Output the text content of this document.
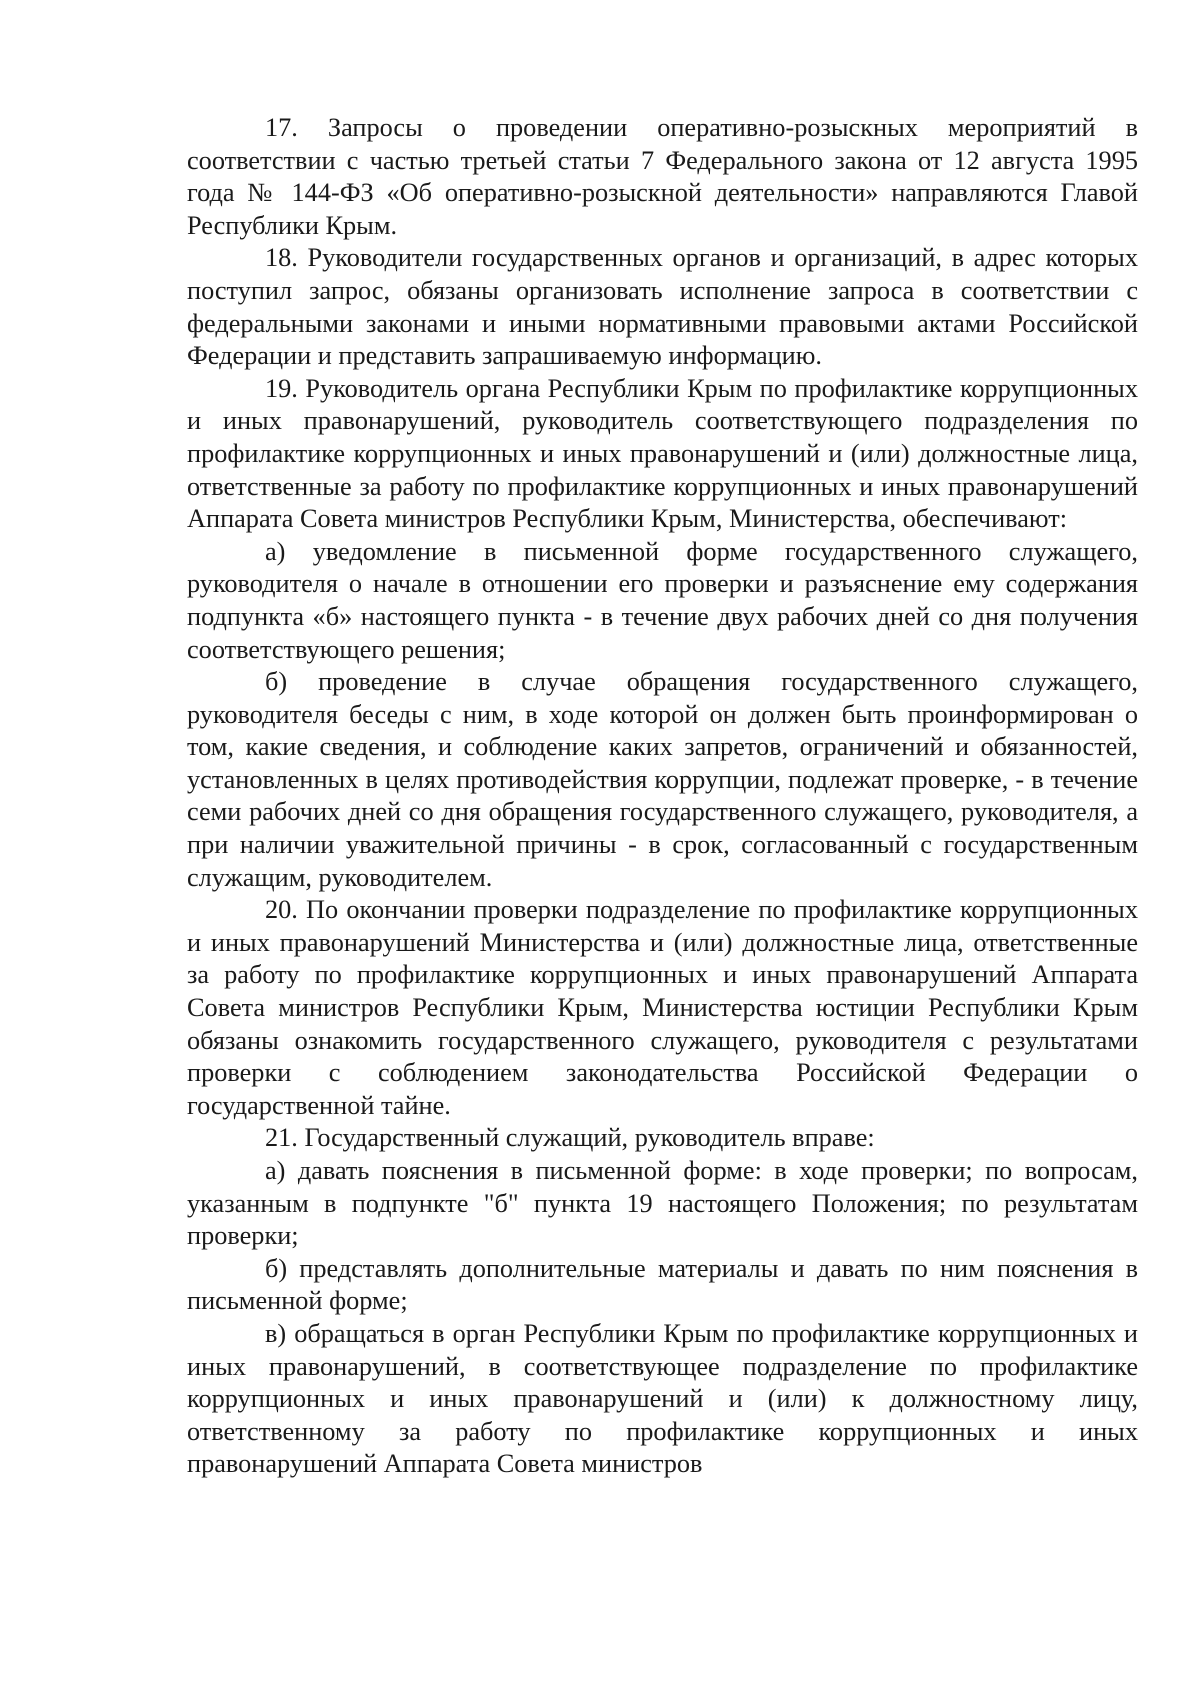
17. Запросы о проведении оперативно-розыскных мероприятий в соответствии с частью третьей статьи 7 Федерального закона от 12 августа 1995 года № 144-ФЗ «Об оперативно-розыскной деятельности» направляются Главой Республики Крым.

18. Руководители государственных органов и организаций, в адрес которых поступил запрос, обязаны организовать исполнение запроса в соответствии с федеральными законами и иными нормативными правовыми актами Российской Федерации и представить запрашиваемую информацию.

19. Руководитель органа Республики Крым по профилактике коррупционных и иных правонарушений, руководитель соответствующего подразделения по профилактике коррупционных и иных правонарушений и (или) должностные лица, ответственные за работу по профилактике коррупционных и иных правонарушений Аппарата Совета министров Республики Крым, Министерства, обеспечивают:

а) уведомление в письменной форме государственного служащего, руководителя о начале в отношении его проверки и разъяснение ему содержания подпункта «б» настоящего пункта - в течение двух рабочих дней со дня получения соответствующего решения;

б) проведение в случае обращения государственного служащего, руководителя беседы с ним, в ходе которой он должен быть проинформирован о том, какие сведения, и соблюдение каких запретов, ограничений и обязанностей, установленных в целях противодействия коррупции, подлежат проверке, - в течение семи рабочих дней со дня обращения государственного служащего, руководителя, а при наличии уважительной причины - в срок, согласованный с государственным служащим, руководителем.

20. По окончании проверки подразделение по профилактике коррупционных и иных правонарушений Министерства и (или) должностные лица, ответственные за работу по профилактике коррупционных и иных правонарушений Аппарата Совета министров Республики Крым, Министерства юстиции Республики Крым обязаны ознакомить государственного служащего, руководителя с результатами проверки с соблюдением законодательства Российской Федерации о государственной тайне.

21. Государственный служащий, руководитель вправе:

а) давать пояснения в письменной форме: в ходе проверки; по вопросам, указанным в подпункте "б" пункта 19 настоящего Положения; по результатам проверки;

б) представлять дополнительные материалы и давать по ним пояснения в письменной форме;

в) обращаться в орган Республики Крым по профилактике коррупционных и иных правонарушений, в соответствующее подразделение по профилактике коррупционных и иных правонарушений и (или) к должностному лицу, ответственному за работу по профилактике коррупционных и иных правонарушений Аппарата Совета министров
